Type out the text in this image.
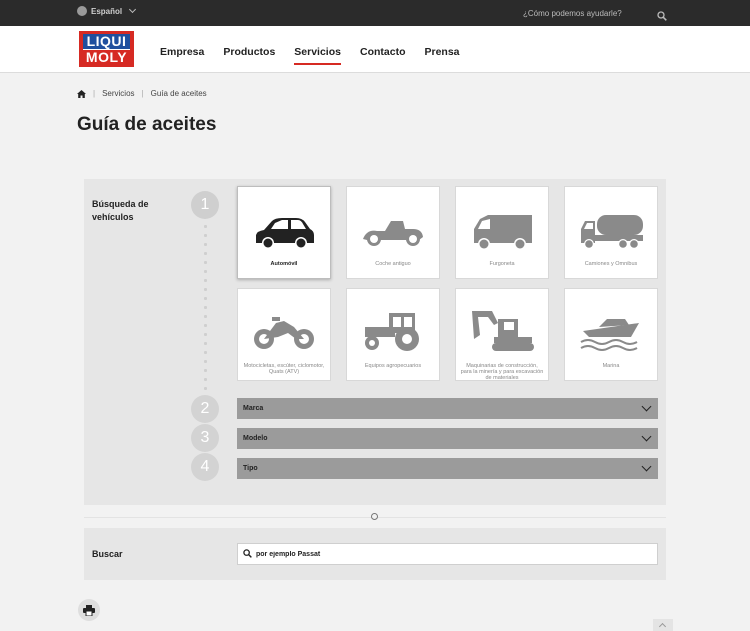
Español
¿Cómo podemos ayudarle?
LIQUI
MOLY	Empresa Productos Servicios Contacto Prensa
| Servicios | Guía de aceites
Guía de aceites
Búsqueda de vehículos
1
2
3
4
Automóvil	Coche antiguo	Furgoneta	Camiones y Omnibus
Motocicletas, escúter, ciclomotor, Quats (ATV)
Equipos agropecuarios	Maquinarias de construcción, para la minería y para excavación de materiales
Marina
Marca
Modelo
Tipo
Buscar
por ejemplo Passat
